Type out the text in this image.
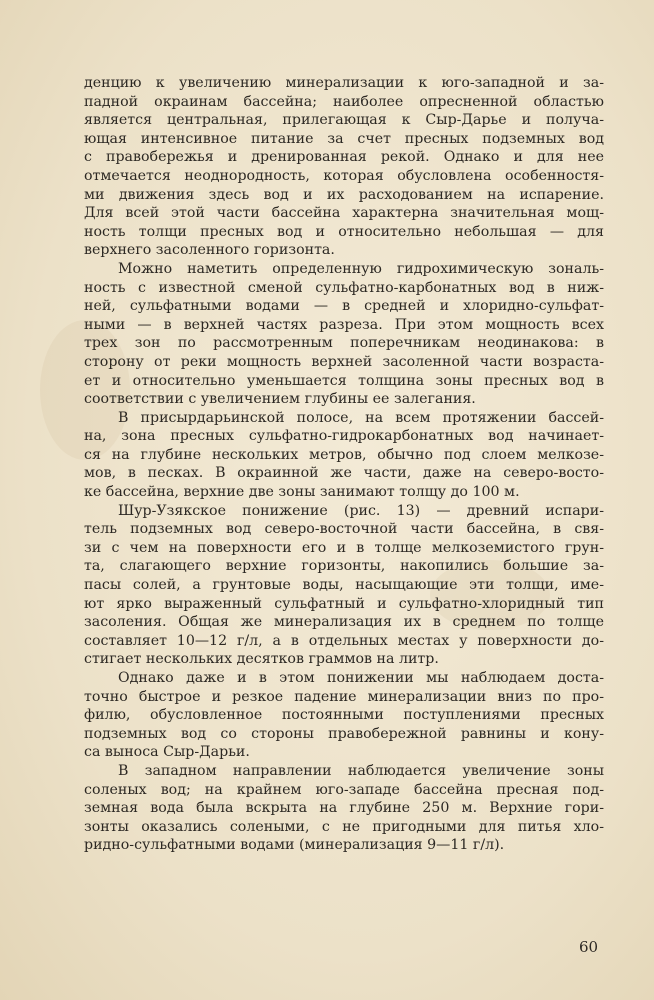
денцию к увеличению минерализации к юго-западной и за-
падной окраинам бассейна; наиболее опресненной областью
является центральная, прилегающая к Сыр-Дарье и получа-
ющая интенсивное питание за счет пресных подземных вод
с правобережья и дренированная рекой. Однако и для нее
отмечается неоднородность, которая обусловлена особенностя-
ми движения здесь вод и их расходованием на испарение.
Для всей этой части бассейна характерна значительная мощ-
ность толщи пресных вод и относительно небольшая — для
верхнего засоленного горизонта.
Можно наметить определенную гидрохимическую зональ-
ность с известной сменой сульфатно-карбонатных вод в ниж-
ней, сульфатными водами — в средней и хлоридно-сульфат-
ными — в верхней частях разреза. При этом мощность всех
трех зон по рассмотренным поперечникам неодинакова: в
сторону от реки мощность верхней засоленной части возрастa-
ет и относительно уменьшается толщина зоны пресных вод в
соответствии с увеличением глубины ее залегания.
В присырдарьинской полосе, на всем протяжении бассей-
на, зона пресных сульфатно-гидрокарбонатных вод начинает-
ся на глубине нескольких метров, обычно под слоем мелкозе-
мов, в песках. В окраинной же части, даже на северо-восто-
ке бассейна, верхние две зоны занимают толщу до 100 м.
Шур-Узякское понижение (рис. 13) — древний испари-
тель подземных вод северо-восточной части бассейна, в свя-
зи с чем на поверхности его и в толще мелкоземистого грун-
та, слагающего верхние горизонты, накопились большие за-
пасы солей, а грунтовые воды, насыщающие эти толщи, име-
ют ярко выраженный сульфатный и сульфатно-хлоридный тип
засоления. Общая же минерализация их в среднем по толще
составляет 10—12 г/л, а в отдельных местах у поверхности до-
стигает нескольких десятков граммов на литр.
Однако даже и в этом понижении мы наблюдаем доста-
точно быстрое и резкое падение минерализации вниз по про-
филю, обусловленное постоянными поступлениями пресных
подземных вод со стороны правобережной равнины и кону-
са выноса Сыр-Дарьи.
В западном направлении наблюдается увеличение зоны
соленых вод; на крайнем юго-западе бассейна пресная под-
земная вода была вскрыта на глубине 250 м. Верхние гори-
зонты оказались солеными, с не пригодными для питья хло-
ридно-сульфатными водами (минерализация 9—11 г/л).
60
